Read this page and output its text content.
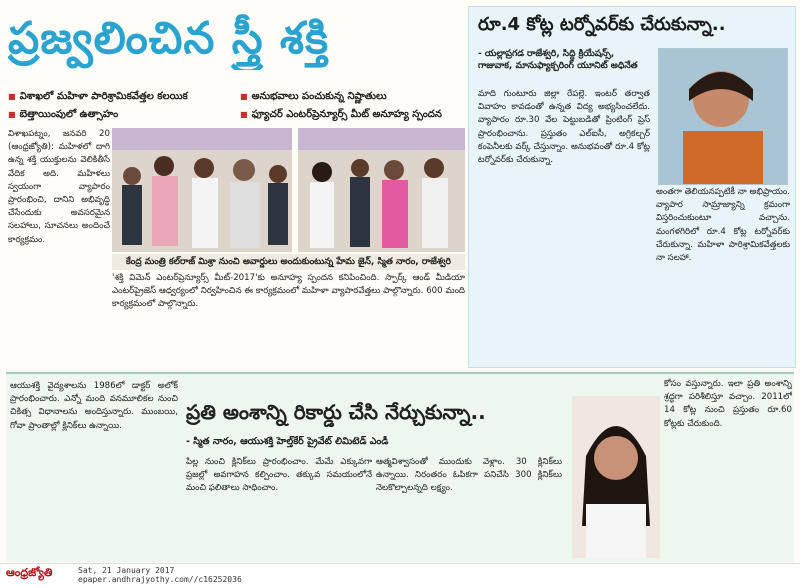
ప్రజ్వలించిన స్త్రీ శక్తి
■ విశాఖలో మహిళా పారిశ్రామికవేత్తల కలయిక	■ అనుభవాలు పంచుకున్న నిష్ణాతులు
■ బెత్తాయింపులో ఉత్సాహం	■ ఫ్యూచర్ ఎంటర్‌ప్రెన్యూర్స్ మీట్ అనూహ్య స్పందన
విశాఖపట్నం, జనవరి 20 (ఆంధ్రజ్యోతి): మహిళలో దాగి ఉన్న శక్తి యుక్తులను వెలికితీసే వేదిక అది. మహిళలు స్వయంగా వ్యాపారం ప్రారంభించి, దానిని అభివృద్ధి చేసేందుకు అవసరమైన సలహాలు, సూచనలు అందించే కార్యక్రమం.
కేంద్ర మంత్రి కల్‌రాజ్ మిశ్రా నుంచి అవార్డులు అందుకుంటున్న హేమ జైన్, స్మిత నారం, రాజేశ్వరి
'శక్తి విమెన్ ఎంటర్‌ప్రెన్యూర్స్ మీట్-2017'కు అనూహ్య స్పందన కనిపించింది. స్పార్క్ ఆండ్ మీడియా ఎంటర్‌ప్రైజెస్ ఆధ్వర్యంలో నిర్వహించిన ఈ కార్యక్రమంలో మహిళా వ్యాపారవేత్తలు పాల్గొన్నారు. 600 మంది కార్యక్రమంలో పాల్గొన్నారు.
రూ.4 కోట్ల టర్నోవర్‌కు చేరుకున్నా..
- యల్లాప్రగడ రాజేశ్వరి, సిద్ధి క్రియేషన్స్, గాజువాక, మానుఫ్యాక్చరింగ్ యూనిట్ అధినేత
మాది గుంటూరు జిల్లా రేపల్లె. ఇంటర్ తర్వాత వివాహం కావడంతో ఉన్నత విద్య అభ్యసించలేదు. వ్యాపారం రూ.30 వేల పెట్టుబడితో ప్రింటింగ్ ప్రెస్ ప్రారంభించాను. ప్రస్తుతం ఎల్ఐసీ, అగ్రికల్చర్ కంపెనీలకు వర్క్ చేస్తున్నాం. అనుభవంతో రూ.4 కోట్ల టర్నోవర్‌కు చేరుకున్నా.
అంతగా తెలియనప్పటికీ నా అభిప్రాయం. వ్యాపార సామ్రాజ్యాన్ని క్రమంగా విస్తరించుకుంటూ వచ్చాను. మంగళగిరిలో రూ.4 కోట్ల టర్నోవర్‌కు చేరుకున్నా. మహిళా పారిశ్రామికవేత్తలకు నా సలహా.
ఆయుశక్తి వైద్యశాలను 1986లో డాక్టర్ అలోక్ ప్రారంభించారు. ఎన్నో మంది వనమూలికల నుంచి చికిత్స విధానాలను అందిస్తున్నారు. ముంబయి, గోవా ప్రాంతాల్లో క్లినిక్‌లు ఉన్నాయి.
ప్రతి అంశాన్ని రికార్డు చేసి నేర్చుకున్నా..
- స్మిత నారం, ఆయుశక్తి హెల్త్‌కేర్ ప్రైవేట్ లిమిటెడ్ ఎండీ
పిల్ల నుంచి క్లినిక్‌లు ప్రారంభించాం. మేమే ఎక్కువగా ప్రజల్లో అవగాహన కల్పించాం. తక్కువ సమయంలోనే మంచి ఫలితాలు సాధించాం.
ఆత్మవిశ్వాసంతో ముందుకు వెళ్లాం. 30 క్లినిక్‌లు ఉన్నాయి. నిరంతరం ఓపికగా పనిచేసి 300 క్లినిక్‌లు నెలకొల్పాలన్నది లక్ష్యం.
కోసం వస్తున్నారు. ఇలా ప్రతి అంశాన్ని శ్రద్ధగా పరిశీలిస్తూ వచ్చాం. 2011లో 14 కోట్ల నుంచి ప్రస్తుతం రూ.60 కోట్లకు చేరుకుంది.
ఆంధ్రజ్యోతి	Sat, 21 January 2017
epaper.andhrajyothy.com//c16252036
